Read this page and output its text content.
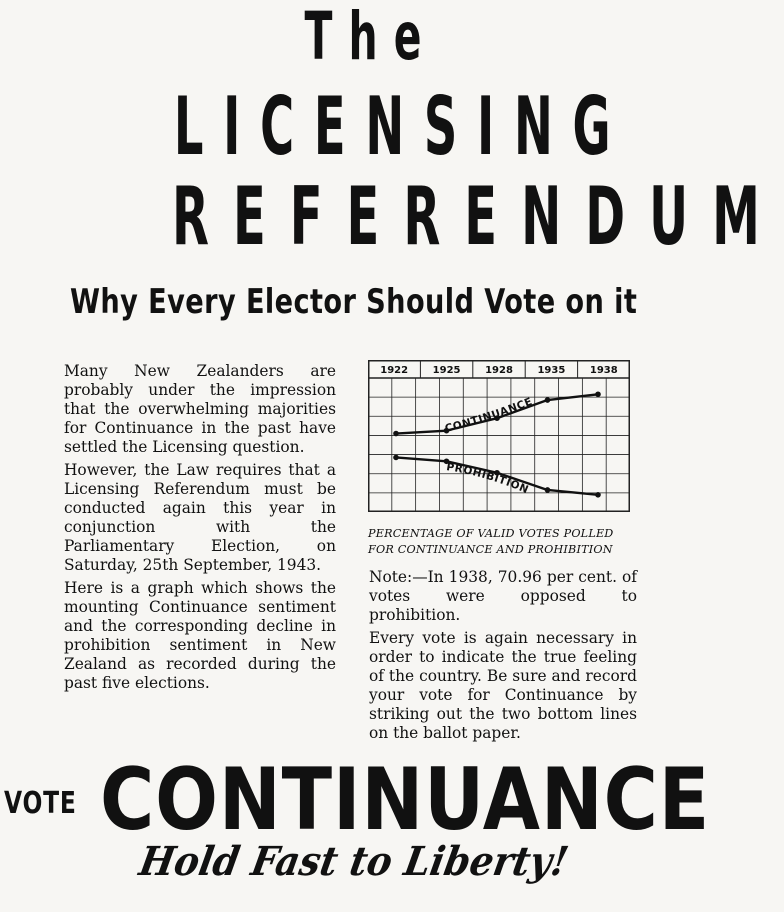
The
LICENSING
REFERENDUM
Why Every Elector Should Vote on it

Many New Zealanders are probably under the impression that the overwhelming majorities for Continuance in the past have settled the Licensing question.

However, the Law requires that a Licensing Referendum must be conducted again this year in conjunction with the Parliamentary Election, on Saturday, 25th September, 1943.

Here is a graph which shows the mounting Continuance sentiment and the corresponding decline in prohibition sentiment in New Zealand as recorded during the past five elections.

1922 1925 1928 1935 1938
CONTINUANCE
PROHIBITION
PERCENTAGE OF VALID VOTES POLLED FOR CONTINUANCE AND PROHIBITION

Note:—In 1938, 70.96 per cent. of votes were opposed to prohibition.

Every vote is again necessary in order to indicate the true feeling of the country. Be sure and record your vote for Continuance by striking out the two bottom lines on the ballot paper.

VOTE CONTINUANCE
Hold Fast to Liberty!
